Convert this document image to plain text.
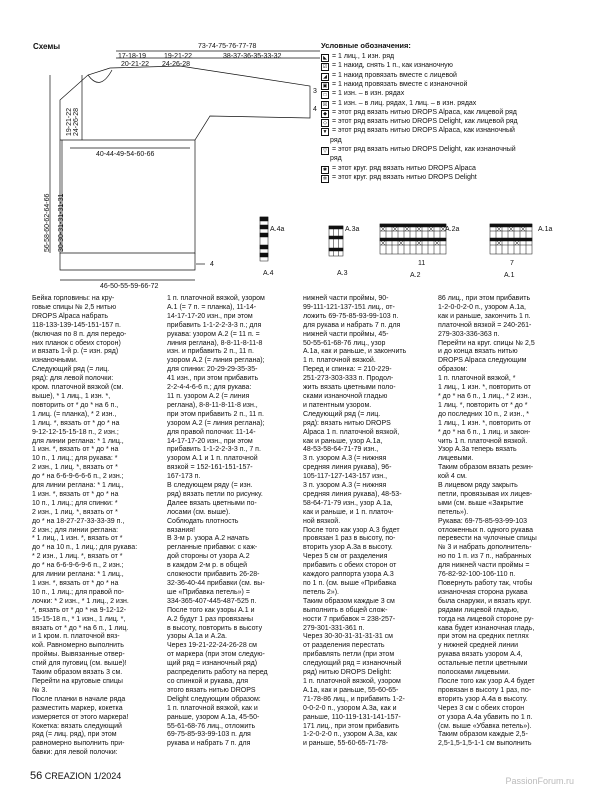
Схемы	73-74-75-76-77-78
17-18-19
20-21-22
19-21-22
24-26-28
38-37-36-35-33-32
3
4
40-44-49-54-60-66
46-50-55-59-66-72
4
19-21-22 24-26-28
30-30-31-31-31-31
56-58-60-62-64-66	A.4a
A.4
Условные обозначения:
◣ = 1 лиц., 1 изн. ряд
☑ = 1 накид, снять 1 п., как изнаночную
◢ = 1 накид провязать вместе с лицевой
▣ = 1 накид провязать вместе с изнаночной
□ = 1 изн. – в изн. рядах
☒ = 1 изн. – в лиц. рядах, 1 лиц. – в изн. рядах
◆ = этот ряд вязать нитью DROPS Alpaca, как лицевой ряд
◇ = этот ряд вязать нитью DROPS Delight, как лицевой ряд
▼ = этот ряд вязать нитью DROPS Alpaca, как изнаночный
ряд
▽ = этот ряд вязать нитью DROPS Delight, как изнаночный
ряд
✱ = этот круг. ряд вязать нитью DROPS Alpaca
✲ = этот круг. ряд вязать нитью DROPS Delight
A.3a
A.3
A.2a
11
A.2
A.1a
7
A.1
Бейка горловины: на кру-
говые спицы № 2,5 нитью
DROPS Alpaca набрать
118-133-139-145-151-157 п.
(включая по 8 п. для передо-
них планок с обеих сторон)
и вязать 1-й р. (= изн. ряд)
изнаночными.
Следующий ряд (= лиц.
ряд): для левой полочки:
кром. платочной вязкой (см.
выше), * 1 лиц., 1 изн. *,
повторить от * до * на 6 п.,
1 лиц. (= планка), * 2 изн.,
1 лиц. *, вязать от * до * на
9-12-12-15-15-18 п., 2 изн.;
для линии реглана: * 1 лиц.,
1 изн. *, вязать от * до * на
10 п., 1 лиц.; для рукава: *
2 изн., 1 лиц. *, вязать от *
до * на 6-6-9-6-6-6 п., 2 изн.;
для линии реглана: * 1 лиц.,
1 изн. *, вязать от * до * на
10 п., 1 лиц.; для спинки: *
2 изн., 1 лиц. *, вязать от *
до * на 18-27-27-33-33-39 п.,
2 изн.; для линии реглана:
* 1 лиц., 1 изн. *, вязать от *
до * на 10 п., 1 лиц.; для рукава:
* 2 изн., 1 лиц. *, вязать от *
до * на 6-6-9-6-9-6 п., 2 изн.;
для линии реглана: * 1 лиц.,
1 изн. *, вязать от * до * на
10 п., 1 лиц.; для правой по-
лочки: * 2 изн., * 1 лиц., 2 изн.
*, вязать от * до * на 9-12-12-
15-15-18 п., * 1 изн., 1 лиц. *,
вязать от * до * на 6 п., 1 лиц.
и 1 кром. п. платочной вяз-
кой. Равномерно выполнить
проймы. Вывязанные отвер-
стий для пуговиц (см. выше)!
Таким образом вязать 3 см.
Перейти на круговые спицы
№ 3.
После планки в начале ряда
разместить маркер, кокетка
измеряется от этого маркера!
Кокетка: вязать следующий
ряд (= лиц. ряд), при этом
равномерно выполнить при-
бавки: для левой полочки:
1 п. платочной вязкой, узором
А.1 (= 7 п. = планка), 11-14-
14-17-17-20 изн., при этом
прибавить 1-1-2-2-3-3 п.; для
рукава: узором А.2 (= 11 п. =
линия реглана), 8-8-11-8-11-8
изн. и прибавить 2 п., 11 п.
узором А.2 (= линия реглана);
для спинки: 20-29-29-35-35-
41 изн., при этом прибавить
2-2-4-4-6-6 п.; для рукава:
11 п. узором А.2 (= линия
реглана), 8-8-11-8-11-8 изн.,
при этом прибавить 2 п., 11 п.
узором А.2 (= линия реглана);
для правой полочки: 11-14-
14-17-17-20 изн., при этом
прибавить 1-1-2-2-3-3 п., 7 п.
узором А.1 и 1 п. платочной
вязкой = 152-161-151-157-
167-173 п.
В следующем ряду (= изн.
ряд) вязать петли по рисунку.
Далее вязать цветными по-
лосами (см. выше).
Соблюдать плотность
вязания!
В 3-м р. узора А.2 начать
регланные прибавки: с каж-
дой стороны от узора А.2
в каждом 2-м р. в общей
сложности прибавить 26-28-
32-36-40-44 прибавки (см. вы-
ше «Прибавка петель») =
334-365-407-445-487-525 п.
После того как узоры А.1 и
А.2 будут 1 раз провязаны
в высоту, повторить в высоту
узоры А.1а и А.2а.
Через 19-21-22-24-26-28 см
от маркера (при этом следую-
щий ряд = изнаночный ряд)
распределить работу на перед
со спинкой и рукава, для
этого вязать нитью DROPS
Delight следующим образом:
1 п. платочной вязкой, как и
раньше, узором А.1а, 45-50-
55-61-68-76 лиц., отложить
69-75-85-93-99-103 п. для
рукава и набрать 7 п. для
нижней части проймы, 90-
99-111-121-137-151 лиц., от-
ложить 69-75-85-93-99-103 п.
для рукава и набрать 7 п. для
нижней части проймы, 45-
50-55-61-68-76 лиц., узор
А.1а, как и раньше, и закончить
1 п. платочной вязкой.
Перед и спинка: = 210-229-
251-273-303-333 п. Продол-
жить вязать цветными поло-
сками изнаночной гладью
и патентным узором.
Следующий ряд (= лиц.
ряд): вязать нитью DROPS
Alpaca 1 п. платочной вязкой,
как и раньше, узор А.1а,
48-53-58-64-71-79 изн.,
3 п. узором А.3 (= нижняя
средняя линия рукава), 96-
105-117-127-143-157 изн.,
3 п. узором А.3 (= нижняя
средняя линия рукава), 48-53-
58-64-71-79 изн., узор А.1а,
как и раньше, и 1 п. платоч-
ной вязкой.
После того как узор А.3 будет
провязан 1 раз в высоту, по-
вторить узор А.3а в высоту.
Через 5 см от разделения
прибавить с обеих сторон от
каждого раппорта узора А.3
по 1 п. (см. выше «Прибавка
петель 2»).
Таким образом каждые 3 см
выполнить в общей слож-
ности 7 прибавок = 238-257-
279-301-331-361 п.
Через 30-30-31-31-31-31 см
от разделения перестать
прибавлять петли (при этом
следующий ряд = изнаночный
ряд) нитью DROPS Delight:
1 п. платочной вязкой, узором
А.1а, как и раньше, 55-60-65-
71-78-86 лиц., и прибавить 1-2-
0-0-2-0 п., узором А.3а, как и
раньше, 110-119-131-141-157-
171 лиц., при этом прибавить
1-2-0-2-0 п., узором А.3а, как
и раньше, 55-60-65-71-78-
86 лиц., при этом прибавить
1-2-0-0-2-0 п., узором А.1а,
как и раньше, закончить 1 п.
платочной вязкой = 240-261-
279-303-336-363 п.
Перейти на круг. спицы № 2,5
и до конца вязать нитью
DROPS Alpaca следующим
образом:
1 п. платочной вязкой, *
1 лиц., 1 изн. *, повторить от
* до * на 6 п., 1 лиц., * 2 изн.,
1 лиц. *, повторить от * до *
до последних 10 п., 2 изн., *
1 лиц., 1 изн. *, повторить от
* до * на 6 п., 1 лиц. и закон-
чить 1 п. платочной вязкой.
Узор А.3а теперь вязать
лицевыми.
Таким образом вязать резин-
кой 4 см.
В лицевом ряду закрыть
петли, провязывая их лицев-
ыми (см. выше «Закрытие
петель»).
Рукава: 69-75-85-93-99-103
отложенных п. одного рукава
перевести на чулочные спицы
№ 3 и набрать дополнитель-
но по 1 п. из 7 п., набранных
для нижней части проймы =
76-82-92-100-106-110 п.
Повернуть работу так, чтобы
изнаночная сторона рукава
была снаружи, и вязать круг.
рядами лицевой гладью,
тогда на лицевой стороне ру-
кава будет изнаночная гладь,
при этом на средних петлях
у нижней средней линии
рукава вязать узором А.4,
остальные петли цветными
полосками лицевыми.
После того как узор А.4 будет
провязан в высоту 1 раз, по-
вторить узор А.4а в высоту.
Через 3 см с обеих сторон
от узора А.4а убавить по 1 п.
(см. выше «Убавка петель»).
Таким образом каждые 2,5-
2,5-1,5-1,5-1-1 см выполнить
56 CREAZION 1/2024	PassionForum.ru
